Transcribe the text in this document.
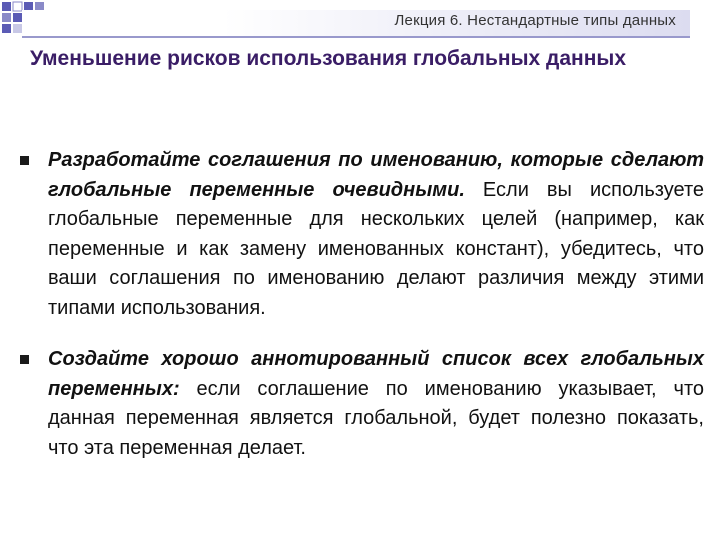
Лекция 6. Нестандартные типы данных
Уменьшение рисков использования глобальных данных

Разработайте соглашения по именованию, которые сделают глобальные переменные очевидными. Если вы используете глобальные переменные для нескольких целей (например, как переменные и как замену именованных констант), убедитесь, что ваши соглашения по именованию делают различия между этими типами использования.

Создайте хорошо аннотированный список всех глобальных переменных: если соглашение по именованию указывает, что данная переменная является глобальной, будет полезно показать, что эта переменная делает.
